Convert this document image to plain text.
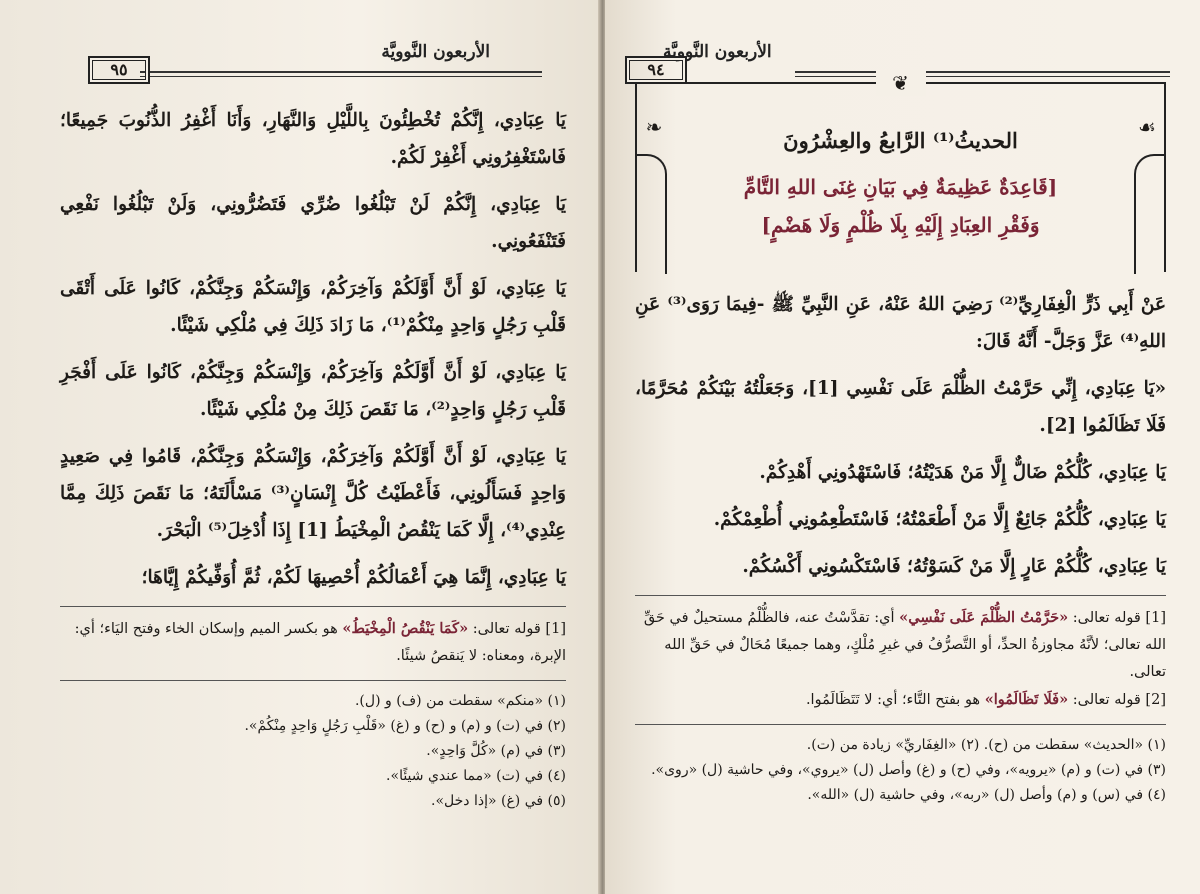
الأربعون النَّوويَّة
٩٥

يَا عِبَادِي، إِنَّكُمْ تُخْطِئُونَ بِاللَّيْلِ وَالنَّهَارِ، وَأَنَا أَغْفِرُ الذُّنُوبَ جَمِيعًا؛ فَاسْتَغْفِرُونِي أَغْفِرْ لَكُمْ.

يَا عِبَادِي، إِنَّكُمْ لَنْ تَبْلُغُوا ضُرِّي فَتَضُرُّونِي، وَلَنْ تَبْلُغُوا نَفْعِي فَتَنْفَعُونِي.

يَا عِبَادِي، لَوْ أَنَّ أَوَّلَكُمْ وَآخِرَكُمْ، وَإِنْسَكُمْ وَجِنَّكُمْ، كَانُوا عَلَى أَتْقَى قَلْبِ رَجُلٍ وَاحِدٍ مِنْكُمْ⁽¹⁾، مَا زَادَ ذَلِكَ فِي مُلْكِي شَيْئًا.

يَا عِبَادِي، لَوْ أَنَّ أَوَّلَكُمْ وَآخِرَكُمْ، وَإِنْسَكُمْ وَجِنَّكُمْ، كَانُوا عَلَى أَفْجَرِ قَلْبِ رَجُلٍ وَاحِدٍ⁽²⁾، مَا نَقَصَ ذَلِكَ مِنْ مُلْكِي شَيْئًا.

يَا عِبَادِي، لَوْ أَنَّ أَوَّلَكُمْ وَآخِرَكُمْ، وَإِنْسَكُمْ وَجِنَّكُمْ، قَامُوا فِي صَعِيدٍ وَاحِدٍ فَسَأَلُونِي، فَأَعْطَيْتُ كُلَّ إِنْسَانٍ⁽³⁾ مَسْأَلَتَهُ؛ مَا نَقَصَ ذَلِكَ مِمَّا عِنْدِي⁽⁴⁾، إِلَّا كَمَا يَنْقُصُ الْمِخْيَطُ [1] إِذَا أُدْخِلَ⁽⁵⁾ الْبَحْرَ.

يَا عِبَادِي، إِنَّمَا هِيَ أَعْمَالُكُمْ أُحْصِيهَا لَكُمْ، ثُمَّ أُوَفِّيكُمْ إِيَّاهَا؛

[1] قوله تعالى: «كَمَا يَنْقُصُ الْمِخْيَطُ» هو بكسر الميم وإسكان الخاء وفتح اليَاء؛ أي: الإبرة، ومعناه: لا يَنقصُ شيئًا.

(١) «منكم» سقطت من (ف) و (ل).

(٢) في (ت) و (م) و (ح) و (غ) «قَلْبِ رَجُلٍ وَاحِدٍ مِنْكُمْ».

(٣) في (م) «كُلَّ وَاحِدٍ».

(٤) في (ت) «مما عندي شيئًا».

(٥) في (غ) «إذا دخل».

الأربعون النَّوويَّة
٩٤
❦
❧	☙
الحديثُ⁽¹⁾ الرَّابعُ والعِشْرُونَ
[قَاعِدَةٌ عَظِيمَةٌ فِي بَيَانِ غِنَى اللهِ التَّامِّ
وَفَقْرِ العِبَادِ إِلَيْهِ بِلَا ظُلْمٍ وَلَا هَضْمٍ]

عَنْ أَبِي ذَرٍّ الْغِفَارِيِّ⁽²⁾ رَضِيَ اللهُ عَنْهُ، عَنِ النَّبِيِّ ﷺ -فِيمَا رَوَى⁽³⁾ عَنِ اللهِ⁽⁴⁾ عَزَّ وَجَلَّ- أَنَّهُ قَالَ:

«يَا عِبَادِي، إِنِّي حَرَّمْتُ الظُّلْمَ عَلَى نَفْسِي [1]، وَجَعَلْتُهُ بَيْنَكُمْ مُحَرَّمًا، فَلَا تَظَالَمُوا [2].

يَا عِبَادِي، كُلُّكُمْ ضَالٌّ إِلَّا مَنْ هَدَيْتُهُ؛ فَاسْتَهْدُونِي أَهْدِكُمْ.

يَا عِبَادِي، كُلُّكُمْ جَائِعٌ إِلَّا مَنْ أَطْعَمْتُهُ؛ فَاسْتَطْعِمُونِي أُطْعِمْكُمْ.

يَا عِبَادِي، كُلُّكُمْ عَارٍ إِلَّا مَنْ كَسَوْتُهُ؛ فَاسْتَكْسُونِي أَكْسُكُمْ.

[1] قوله تعالى: «حَرَّمْتُ الظُّلْمَ عَلَى نَفْسِي» أي: تقدَّسْتُ عنه، فالظُّلْمُ مستحيلٌ في حَقِّ الله تعالى؛ لأنَّهُ مجاوزةُ الحدِّ، أو التَّصرُّفُ في غيرِ مُلْكٍ، وهما جميعًا مُحَالٌ في حَقِّ الله تعالى.

[2] قوله تعالى: «فَلَا تَظَالَمُوا» هو بفتح التَّاء؛ أي: لا تَتَظَالَمُوا.

(١) «الحديث» سقطت من (ح). (٢) «الغِفَاريِّ» زيادة من (ت).

(٣) في (ت) و (م) «يرويه»، وفي (ح) و (غ) وأصل (ل) «يروي»، وفي حاشية (ل) «روى».

(٤) في (س) و (م) وأصل (ل) «ربه»، وفي حاشية (ل) «الله».
